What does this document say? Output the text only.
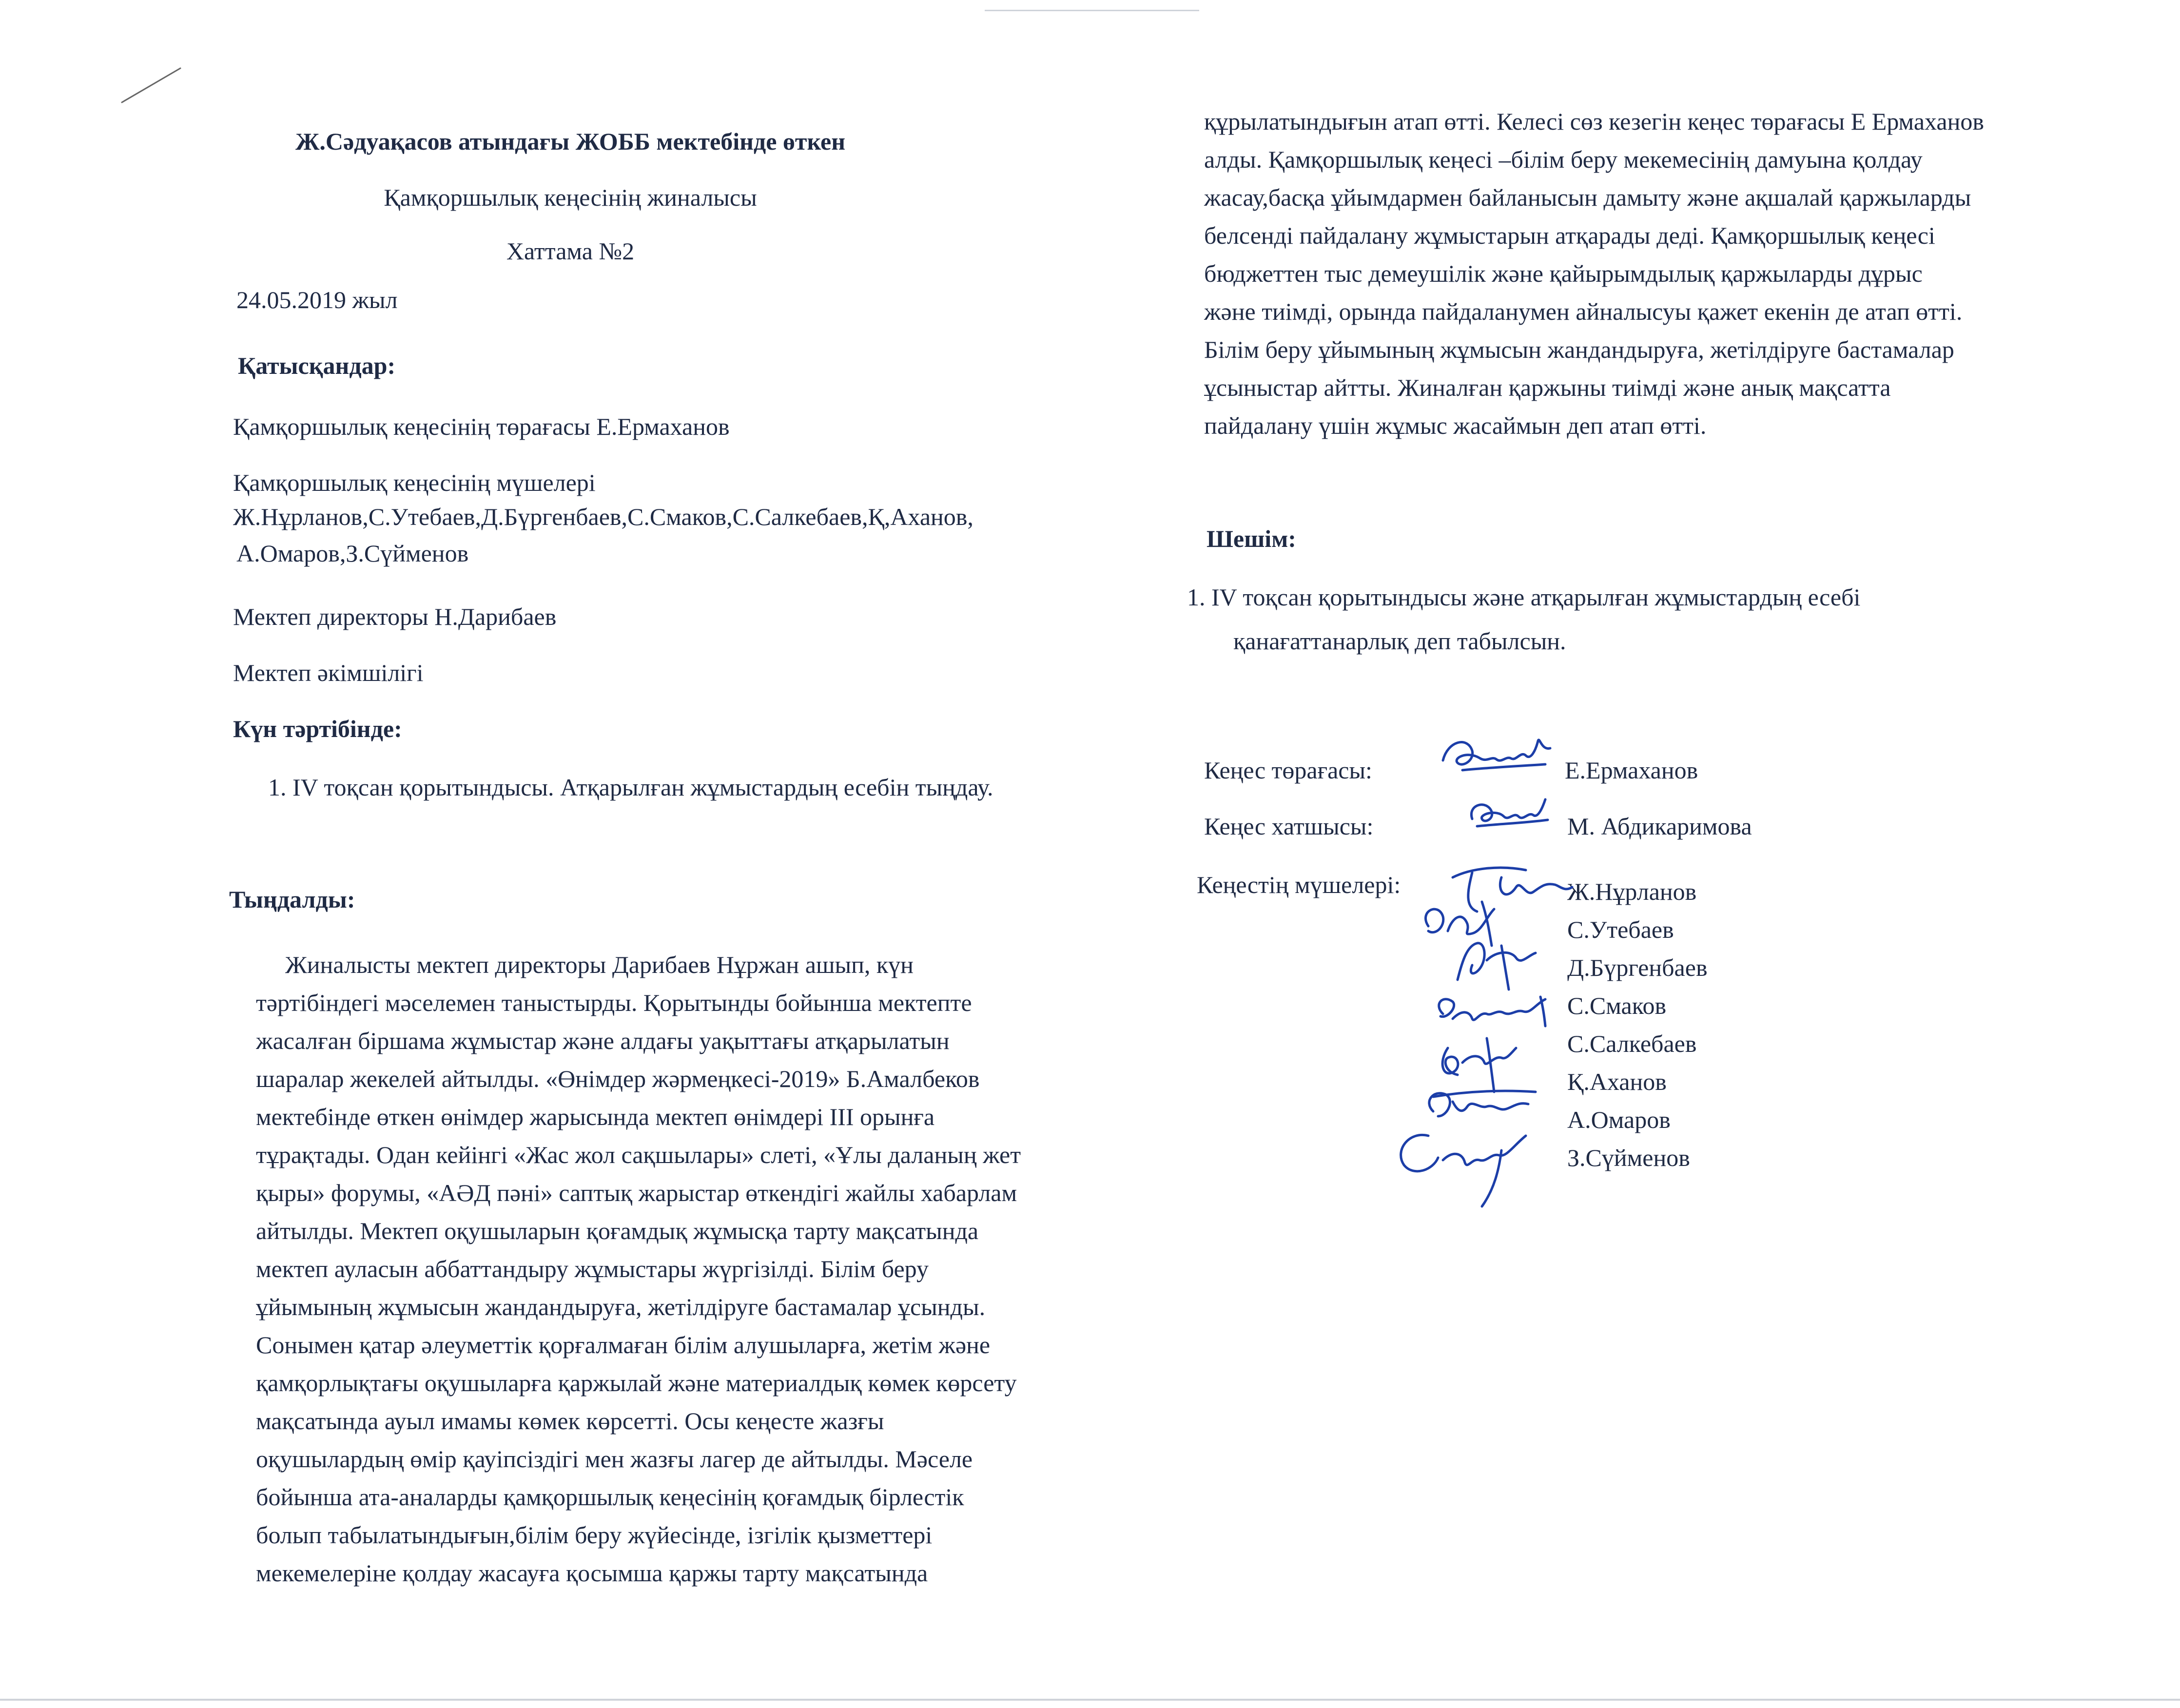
Ж.Сәдуақасов атындағы ЖОББ мектебінде өткен
Қамқоршылық кеңесінің жиналысы
Хаттама №2
24.05.2019 жыл
Қатысқандар:
Қамқоршылық кеңесінің төрағасы Е.Ермаханов
Қамқоршылық кеңесінің мүшелері
Ж.Нұрланов,С.Утебаев,Д.Бүргенбаев,С.Смаков,С.Салкебаев,Қ,Аханов,
А.Омаров,З.Сүйменов
Мектеп директоры Н.Дарибаев
Мектеп әкімшілігі
Күн тәртібінде:
1. IV тоқсан қорытындысы. Атқарылған жұмыстардың есебін тыңдау.
Тыңдалды:
Жиналысты мектеп директоры Дарибаев Нұржан ашып, күн
тәртібіндегі мәселемен таныстырды. Қорытынды бойынша мектепте
жасалған біршама жұмыстар және алдағы уақыттағы атқарылатын
шаралар жекелей айтылды. «Өнімдер жәрмеңкесі-2019» Б.Амалбеков
мектебінде өткен өнімдер жарысында мектеп өнімдері ІІІ орынға
тұрақтады. Одан кейінгі «Жас жол сақшылары» слеті, «Ұлы даланың жет
қыры» форумы, «АӘД пәні» саптық жарыстар өткендігі жайлы хабарлам
айтылды. Мектеп оқушыларын қоғамдық жұмысқа тарту мақсатында
мектеп ауласын аббаттандыру жұмыстары жүргізілді. Білім беру
ұйымының жұмысын жандандыруға, жетілдіруге бастамалар ұсынды.
Сонымен қатар әлеуметтік қорғалмаған білім алушыларға, жетім және
қамқорлықтағы оқушыларға қаржылай және материалдық көмек көрсету
мақсатында ауыл имамы көмек көрсетті. Осы кеңесте жазғы
оқушылардың өмір қауіпсіздігі мен жазғы лагер де айтылды. Мәселе
бойынша ата-аналарды қамқоршылық кеңесінің қоғамдық бірлестік
болып табылатындығын,білім беру жүйесінде, ізгілік қызметтері
мекемелеріне қолдау жасауға қосымша қаржы тарту мақсатында
құрылатындығын атап өтті. Келесі сөз кезегін кеңес төрағасы Е Ермаханов
алды. Қамқоршылық кеңесі –білім беру мекемесінің дамуына қолдау
жасау,басқа ұйымдармен байланысын дамыту және ақшалай қаржыларды
белсенді пайдалану жұмыстарын атқарады деді. Қамқоршылық кеңесі
бюджеттен тыс демеушілік және қайырымдылық қаржыларды дұрыс
және тиімді, орында пайдаланумен айналысуы қажет екенін де атап өтті.
Білім беру ұйымының жұмысын жандандыруға, жетілдіруге бастамалар
ұсыныстар айтты. Жиналған қаржыны тиімді және анық мақсатта
пайдалану үшін жұмыс жасаймын деп атап өтті.
Шешім:
1. IV тоқсан қорытындысы және атқарылған жұмыстардың есебі
қанағаттанарлық деп табылсын.
Кеңес төрағасы:	Е.Ермаханов
Кеңес хатшысы:	М. Абдикаримова
Кеңестің мүшелері:	Ж.Нұрланов
С.Утебаев
Д.Бүргенбаев
С.Смаков
С.Салкебаев
Қ.Аханов
А.Омаров
З.Сүйменов
